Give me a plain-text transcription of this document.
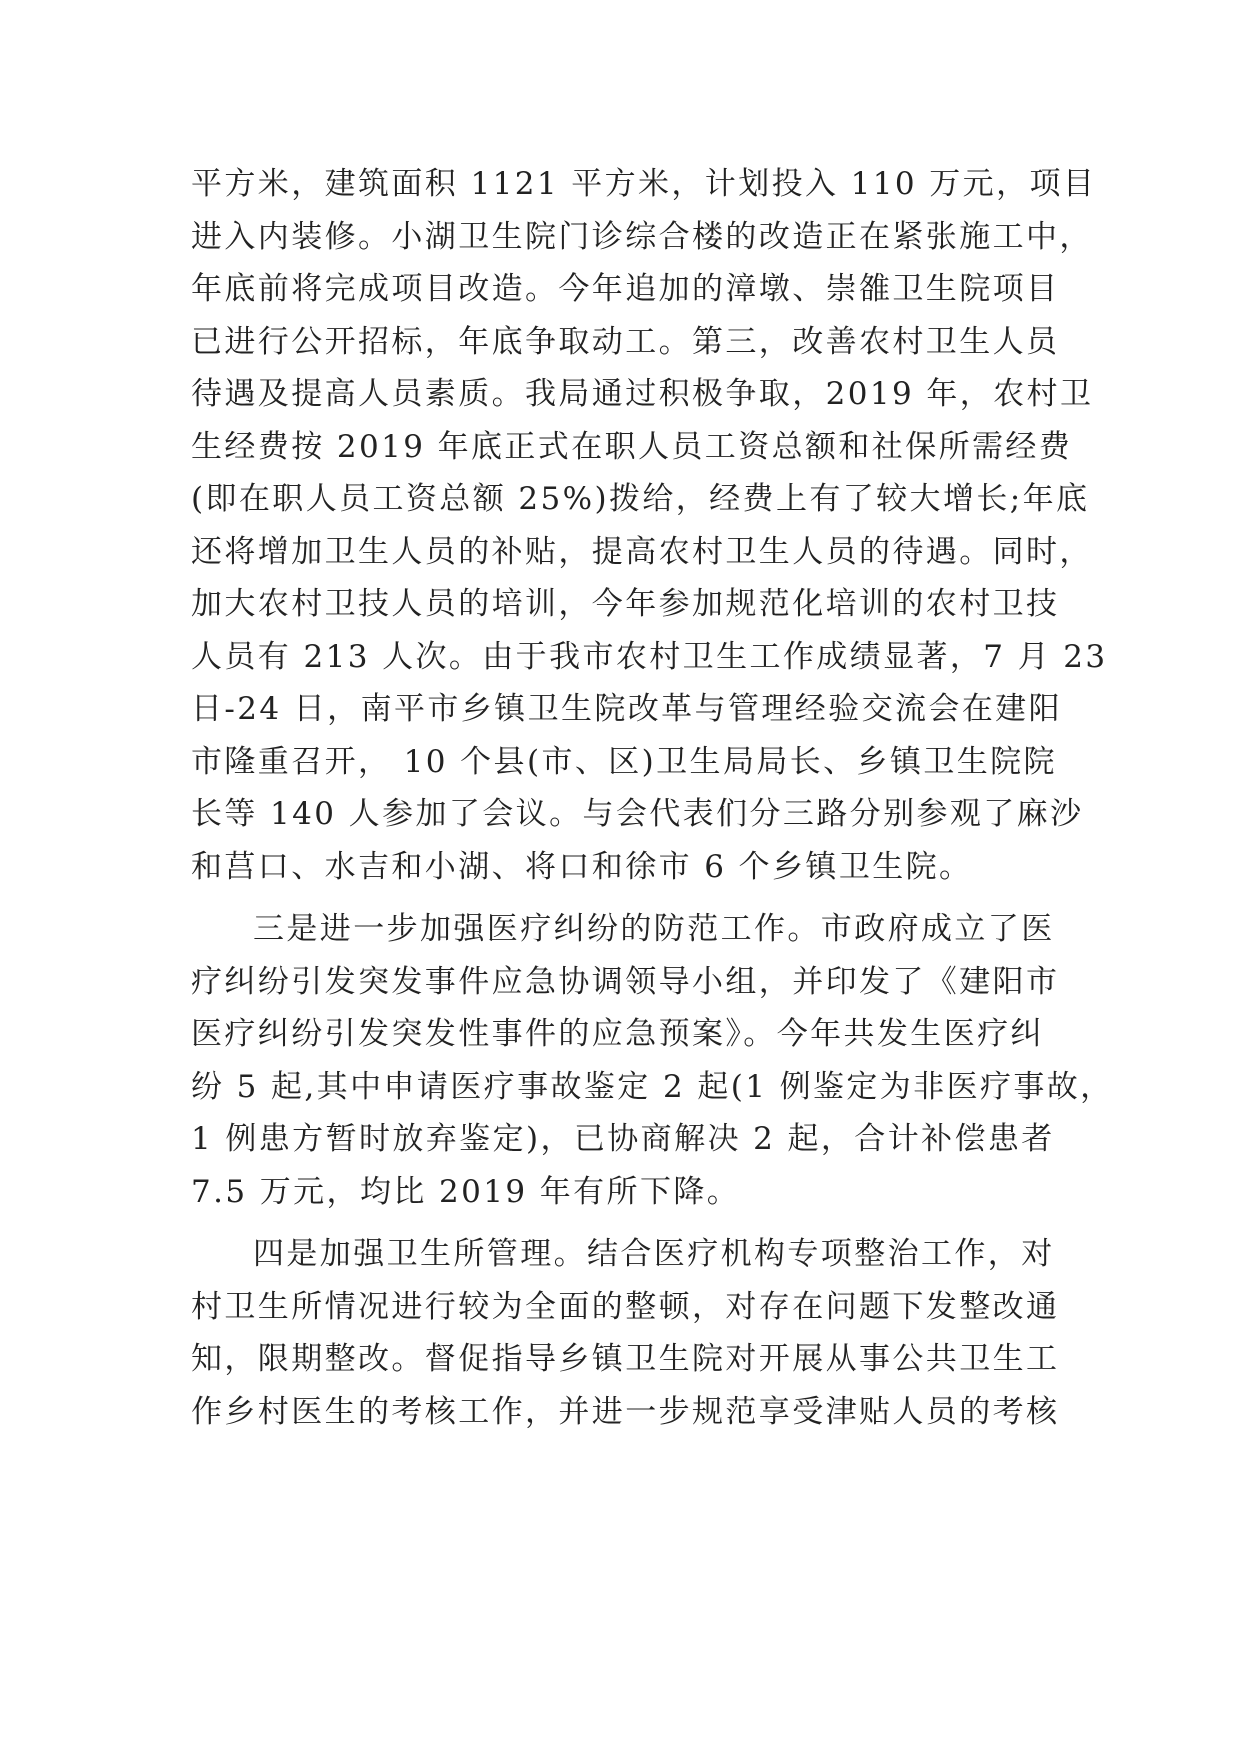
平方米，建筑面积 1121 平方米，计划投入 110 万元，项目
进入内装修。小湖卫生院门诊综合楼的改造正在紧张施工中，
年底前将完成项目改造。今年追加的漳墩、崇雒卫生院项目
已进行公开招标，年底争取动工。第三，改善农村卫生人员
待遇及提高人员素质。我局通过积极争取，2019 年，农村卫
生经费按 2019 年底正式在职人员工资总额和社保所需经费
(即在职人员工资总额 25%)拨给，经费上有了较大增长;年底
还将增加卫生人员的补贴，提高农村卫生人员的待遇。同时，
加大农村卫技人员的培训，今年参加规范化培训的农村卫技
人员有 213 人次。由于我市农村卫生工作成绩显著，7 月 23
日-24 日，南平市乡镇卫生院改革与管理经验交流会在建阳
市隆重召开， 10 个县(市、区)卫生局局长、乡镇卫生院院
长等 140 人参加了会议。与会代表们分三路分别参观了麻沙
和莒口、水吉和小湖、将口和徐市 6 个乡镇卫生院。
三是进一步加强医疗纠纷的防范工作。市政府成立了医
疗纠纷引发突发事件应急协调领导小组，并印发了《建阳市
医疗纠纷引发突发性事件的应急预案》。今年共发生医疗纠
纷 5 起,其中申请医疗事故鉴定 2 起(1 例鉴定为非医疗事故，
1 例患方暂时放弃鉴定)，已协商解决 2 起，合计补偿患者
7.5 万元，均比 2019 年有所下降。
四是加强卫生所管理。结合医疗机构专项整治工作，对
村卫生所情况进行较为全面的整顿，对存在问题下发整改通
知，限期整改。督促指导乡镇卫生院对开展从事公共卫生工
作乡村医生的考核工作，并进一步规范享受津贴人员的考核
